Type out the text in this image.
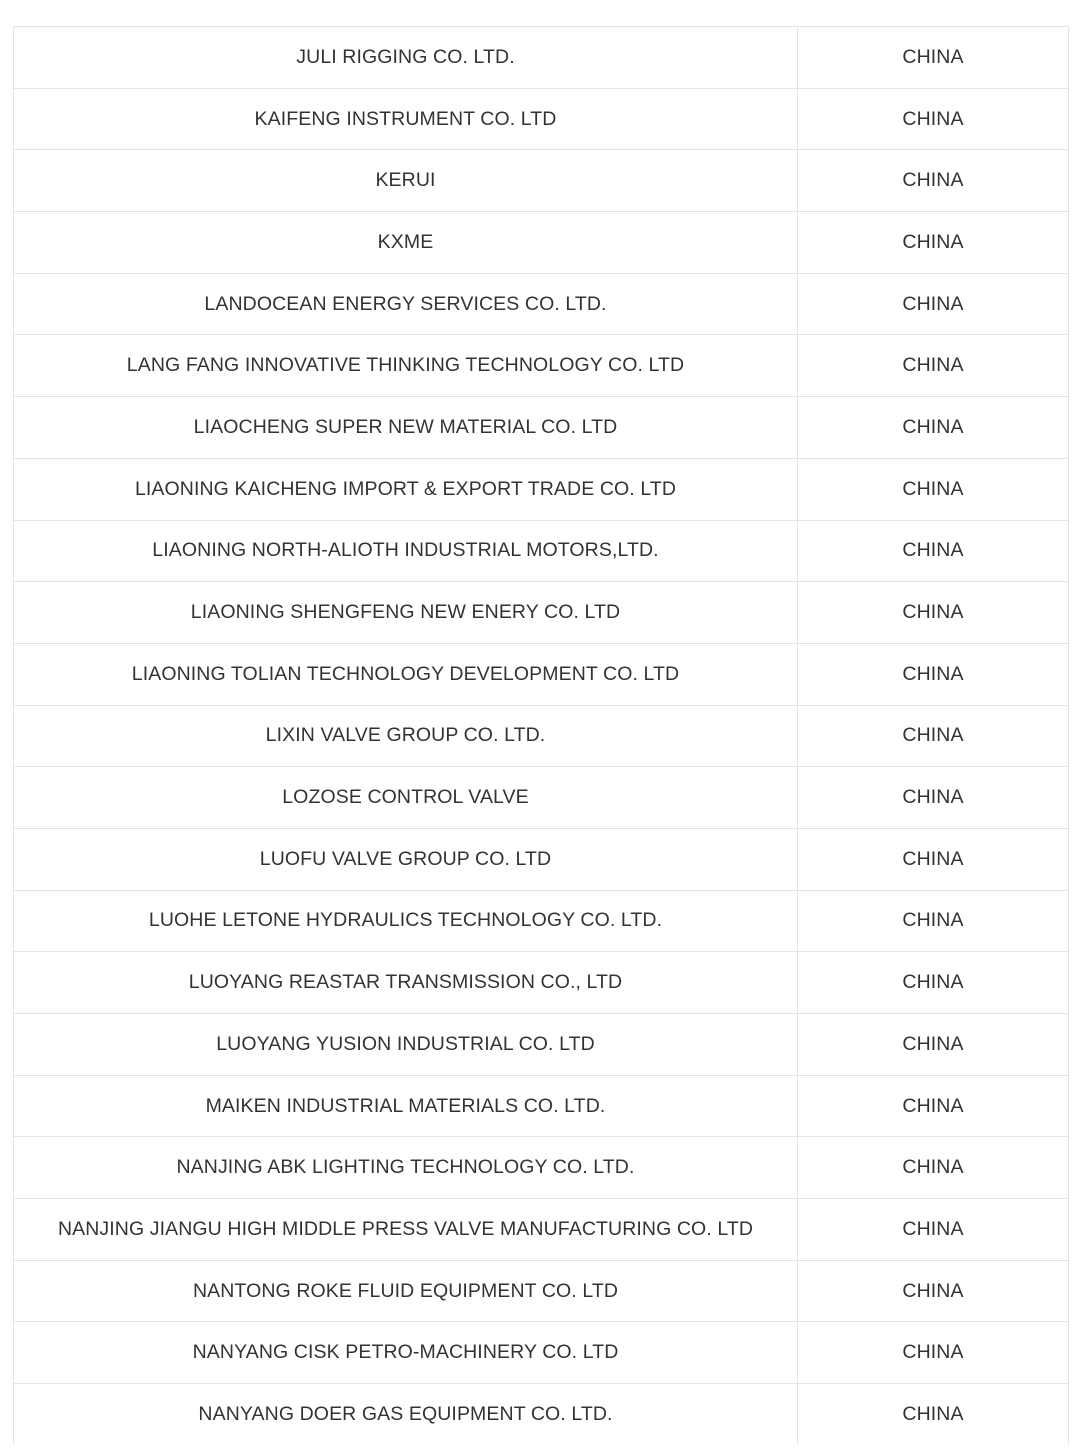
JULI RIGGING CO. LTD.	CHINA
KAIFENG INSTRUMENT CO. LTD	CHINA
KERUI	CHINA
KXME	CHINA
LANDOCEAN ENERGY SERVICES CO. LTD.	CHINA
LANG FANG INNOVATIVE THINKING TECHNOLOGY CO. LTD	CHINA
LIAOCHENG SUPER NEW MATERIAL CO. LTD	CHINA
LIAONING KAICHENG IMPORT & EXPORT TRADE CO. LTD	CHINA
LIAONING NORTH-ALIOTH INDUSTRIAL MOTORS,LTD.	CHINA
LIAONING SHENGFENG NEW ENERY CO. LTD	CHINA
LIAONING TOLIAN TECHNOLOGY DEVELOPMENT CO. LTD	CHINA
LIXIN VALVE GROUP CO. LTD.	CHINA
LOZOSE CONTROL VALVE	CHINA
LUOFU VALVE GROUP CO. LTD	CHINA
LUOHE LETONE HYDRAULICS TECHNOLOGY CO. LTD.	CHINA
LUOYANG REASTAR TRANSMISSION CO., LTD	CHINA
LUOYANG YUSION INDUSTRIAL CO. LTD	CHINA
MAIKEN INDUSTRIAL MATERIALS CO. LTD.	CHINA
NANJING ABK LIGHTING TECHNOLOGY CO. LTD.	CHINA
NANJING JIANGU HIGH MIDDLE PRESS VALVE MANUFACTURING CO. LTD	CHINA
NANTONG ROKE FLUID EQUIPMENT CO. LTD	CHINA
NANYANG CISK PETRO-MACHINERY CO. LTD	CHINA
NANYANG DOER GAS EQUIPMENT CO. LTD.	CHINA
